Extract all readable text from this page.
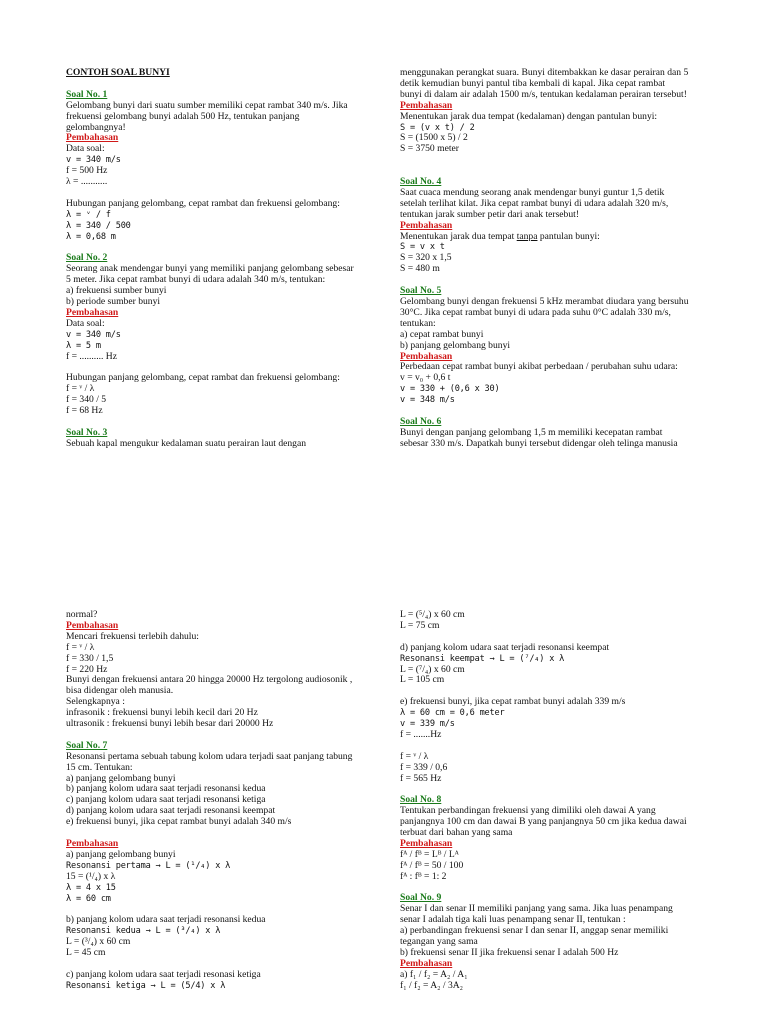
CONTOH SOAL BUNYI
Soal No. 1
Gelombang bunyi dari suatu sumber memiliki cepat rambat 340 m/s. Jika
frekuensi gelombang bunyi adalah 500 Hz, tentukan panjang
gelombangnya!
Pembahasan
Data soal:
v = 340 m/s
f = 500 Hz
λ = ...........
Hubungan panjang gelombang, cepat rambat dan frekuensi gelombang:
λ = ᵛ / f
λ = 340 / 500
λ = 0,68 m
Soal No. 2
Seorang anak mendengar bunyi yang memiliki panjang gelombang sebesar
5 meter. Jika cepat rambat bunyi di udara adalah 340 m/s, tentukan:
a) frekuensi sumber bunyi
b) periode sumber bunyi
Pembahasan
Data soal:
v = 340 m/s
λ = 5 m
f = .......... Hz
Hubungan panjang gelombang, cepat rambat dan frekuensi gelombang:
f = ᵛ / λ
f = 340 / 5
f = 68 Hz
Soal No. 3
Sebuah kapal mengukur kedalaman suatu perairan laut dengan
menggunakan perangkat suara. Bunyi ditembakkan ke dasar perairan dan 5
detik kemudian bunyi pantul tiba kembali di kapal. Jika cepat rambat
bunyi di dalam air adalah 1500 m/s, tentukan kedalaman perairan tersebut!
Pembahasan
Menentukan jarak dua tempat (kedalaman) dengan pantulan bunyi:
S = (v x t) / 2
S = (1500 x 5) / 2
S = 3750 meter
Soal No. 4
Saat cuaca mendung seorang anak mendengar bunyi guntur 1,5 detik
setelah terlihat kilat. Jika cepat rambat bunyi di udara adalah 320 m/s,
tentukan jarak sumber petir dari anak tersebut!
Pembahasan
Menentukan jarak dua tempat tanpa pantulan bunyi:
S = v x t
S = 320 x 1,5
S = 480 m
Soal No. 5
Gelombang bunyi dengan frekuensi 5 kHz merambat diudara yang bersuhu
30°C. Jika cepat rambat bunyi di udara pada suhu 0°C adalah 330 m/s,
tentukan:
a) cepat rambat bunyi
b) panjang gelombang bunyi
Pembahasan
Perbedaan cepat rambat bunyi akibat perbedaan / perubahan suhu udara:
v = v₀ + 0,6 t
v = 330 + (0,6 x 30)
v = 348 m/s
Soal No. 6
Bunyi dengan panjang gelombang 1,5 m memiliki kecepatan rambat
sebesar 330 m/s. Dapatkah bunyi tersebut didengar oleh telinga manusia
normal?
Pembahasan
Mencari frekuensi terlebih dahulu:
f = ᵛ / λ
f = 330 / 1,5
f = 220 Hz
Bunyi dengan frekuensi antara 20 hingga 20000 Hz tergolong audiosonik ,
bisa didengar oleh manusia.
Selengkapnya :
infrasonik : frekuensi bunyi lebih kecil dari 20 Hz
ultrasonik : frekuensi bunyi lebih besar dari 20000 Hz
Soal No. 7
Resonansi pertama sebuah tabung kolom udara terjadi saat panjang tabung
15 cm. Tentukan:
a) panjang gelombang bunyi
b) panjang kolom udara saat terjadi resonansi kedua
c) panjang kolom udara saat terjadi resonansi ketiga
d) panjang kolom udara saat terjadi resonansi keempat
e) frekuensi bunyi, jika cepat rambat bunyi adalah 340 m/s
Pembahasan
a) panjang gelombang bunyi
Resonansi pertama → L = (¹/₄) x λ
15 = (¹/₄) x λ
λ = 4 x 15
λ = 60 cm
b) panjang kolom udara saat terjadi resonansi kedua
Resonansi kedua → L = (³/₄) x λ
L = (³/₄) x 60 cm
L = 45 cm
c) panjang kolom udara saat terjadi resonasi ketiga
Resonansi ketiga → L = (5/4) x λ
L = (⁵/₄) x 60 cm
L = 75 cm
d) panjang kolom udara saat terjadi resonansi keempat
Resonansi keempat → L = (⁷/₄) x λ
L = (⁷/₄) x 60 cm
L = 105 cm
e) frekuensi bunyi, jika cepat rambat bunyi adalah 339 m/s
λ = 60 cm = 0,6 meter
v = 339 m/s
f = .......Hz
f = ᵛ / λ
f = 339 / 0,6
f = 565 Hz
Soal No. 8
Tentukan perbandingan frekuensi yang dimiliki oleh dawai A yang
panjangnya 100 cm dan dawai B yang panjangnya 50 cm jika kedua dawai
terbuat dari bahan yang sama
Pembahasan
fᴬ / fᴮ = Lᴮ / Lᴬ
fᴬ / fᴮ = 50 / 100
fᴬ : fᴮ = 1: 2
Soal No. 9
Senar I dan senar II memiliki panjang yang sama. Jika luas penampang
senar I adalah tiga kali luas penampang senar II, tentukan :
a) perbandingan frekuensi senar I dan senar II, anggap senar memiliki
tegangan yang sama
b) frekuensi senar II jika frekuensi senar I adalah 500 Hz
Pembahasan
a) f₁ / f₂ = A₂ / A₁
f₁ / f₂ = A₂ / 3A₂
